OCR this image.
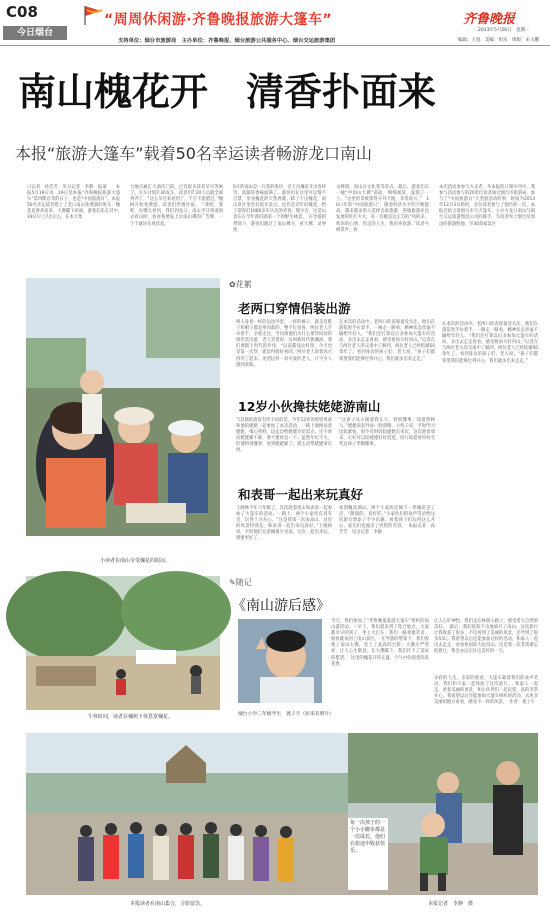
C08
今日烟台
“周周休闲游·齐鲁晚报旅游大篷车”	齐鲁晚报
支持单位：烟台市旅游局　主办单位：齐鲁晚报、烟台旅游公共服务中心、烟台交运旅游集团
2013年5月20日　星期一
编辑：王旭　美编：恒乐　组版：宋玉鹏
南山槐花开　清香扑面来
本报“旅游大篷车”载着50名幸运读者畅游龙口南山
口记者　孙芳芳　见习记者　李静　报道　　本报5月19日讯　19日是本报“齐鲁晚报旅游大篷车”第四期自驾的日子，也是“中国旅游日”。本报50名幸运读者搭上了龙口南山免费游的班车，槐花花香扑面来，大佛脚下祈福，游客们乐在其中。　19日早上7点左右，在本天集
合地点通汇大酒店门前，已有很多读者早早等候了。早车计划7:30发车，读者们7:20人员就全部到齐了。“这么早过来看到了，千万不能错过，”槐树开始免费游，读者们热情洋溢。　“我呢，我呢，在哪儿看到，我们到龙口，南去平开到南坝去看山时，看看我要弦上尔南山佛的广告牌，一个个就该东风挂起。
5月的南山是一片花的海洋，近万亩槐花开出各样奇，浓郁的香味溢满了。游客们在这里可以情不自禁，享受槐花的天然香薰。除了不出槐花，南山景区里也有很多景点。也许是近年的槐花，给了游客们1000多年历史的青春。慢少有，这是山景在在今年我们感第一个的野生林景。　在导游的带领下，游客们跟过了南山佛寺，看大佛，灵界照，
文峰塔，南山百文化苑等景点。最后，游客们在一幢“中国山大佛”前面，细细观赏，深刻了一上。“这里的景被掌得分外天地，非常高兴。”　10日年的“中国旅游日”，随着经济水平的不断提高，越来越多的人选择自助旅游，各地旅游业也发展的红红火火。有一首歌是这么写的“风的来，吹你的心情，你走的人生，我的喜欢游。”读者号被掌声，说
本次活动参参与方式者，从本报的订阅中刊中，我参与活动参与的20余位读者通过烟台市旅游局，参与了“中国旅游日”大型游活动的事，时间为2013年12月3日组织，多位读者参与了烟台的一次，本报还结合着烟台市与大篷车，主办方龙口南山与烟台交运旅游集团公司的联手，为读者奉上烟台及周边的旅游胜地，至30余家景区
小读者在南山享受槐花的阴凉。
✿花絮
老两口穿情侣装出游
两人身着一样的运动外套，一样的裤子，就是连鞋子和帽子都是用同款的，整个打扮看，两位老人手牵着手，亲密无比。当问到他们为什么要穿同款的情侣装出游，老人笑着说：这叫新时代新潮流，我们要跟上时代的步伐。“以前都没这样穿，今天也是第一次穿，就觉得挺好看的。”两位老人说着高兴得笑了起来。见到这样一对可爱的老人，让不少人感到羡慕。
在本次的活动中，老两口的表现备受关注，他们在游览时手拉着手，一路走一路看，精神状态丝毫不输给年轻人。“我们还打算以后多参加大篷车的活动，多出去走走看看，感受祖国大好河山。”记者在与两位老人的交谈中了解到，两位老人已经结婚50余年了。看到身边的孩子们，老人说，“孩子们都希望我们能够过得开心，我们就多出来走走。”
12岁小伙搀扶姥姥游南山
与其他的游客有所不同的是，今年12岁的周姓男孩和他的姥姥一起参加了本次活动，一路上他搀扶着姥姥，细心照料，边走边给姥姥介绍景点，还不时问姥姥累不累，要不要休息一下。虽然年纪不大，但他特别懂事，看到姥姥累了，就主动帮姥姥拿东西。
“这孩子从小跟着我长大，特别懂事，知道照顾人。”姥姥说起外孙一脸骄傲，小伙子说，平时学习比较紧张，很少有时间陪姥姥出来玩，这次趁着周末，正好可以陪姥姥好好逛逛。同行的游客纷纷夸奖这孩子孝顺懂事。
和表哥一起出来玩真好
王晓林今年六年级了，这次趁着周末和表哥一起参加了大篷车的活动。一路上，两个小家伙有说有笑，玩得十分开心。“这是我第一次来南山，这里的风景特别美，和表哥一起出来玩真好。”王晓林说，平时他们兄弟俩很少见面，这次一起出来玩，感情更好了。
看到槐花满山，两个小家伙还摘下一串槐花尝了尝，“甜甜的，真好吃。”小家伙们的欢声笑语给这次旅行增添了不少乐趣。看着孩子们玩得这么开心，家长们也露出了欣慰的笑容。　本报记者　孙芳芳　见习记者　李静
在本次的活动中，老两口的表现备受关注，他们在游览时手拉着手，一路走一路看，精神状态丝毫不输给年轻人。“我们还打算以后多参加大篷车的活动，多出去走走看看，感受祖国大好河山。”记者在与两位老人的交谈中了解到，两位老人已经结婚50余年了。看到身边的孩子们，老人说，“孩子们都希望我们能够过得开心，我们就多出来走走。”
午休时间，读者在槐树下休息赏槐花。
✎随记
《南山游后感》
烟台小学二年级学生　龚子宇（原来有照片）
今天，我们参加了“齐鲁晚报旅游大篷车”组织的南山游活动。一早上，我们就来到了集合地点，大家都早早的到了。坐上大巴车，我们一路欢歌笑语，很快就来到了南山景区。　在导游的带领下，我们参观了南山大佛，登上了高高的台阶，大佛庄严慈祥，让人心生敬意。在大佛脚下，我们许下了美好的愿望。　这里的槐花开得正盛，空气中弥漫着阵阵花香，
让人心旷神怡。我们走在林荫小路上，感受着大自然的美好。　最后，我们依依不舍地离开了南山。这次旅行让我收获了很多，不仅看到了美丽的风景，还学到了很多知识。我希望以后还能参加这样的活动，和家人一起出去走走，看看祖国的大好河山。这是我一次非常难忘的旅行，我会永远记住这美好的一天。
多彩的人生，多彩的旅途，大篷车载着我们的欢声笑语，我们和大家一起体验了这次旅行。　和家人一起走，看着美丽的风景，和小伙伴们一起玩耍，真的非常开心。我希望以后还能参加大篷车组织的活动，去更多美丽的地方看看，感受不一样的风景。　作者：龚子宇
每一次孩子的一个小小脚步都是一次成长，他们在旅途中收获快乐。
本报读者在南山集合，合影留念。	本报记者　李静　摄
